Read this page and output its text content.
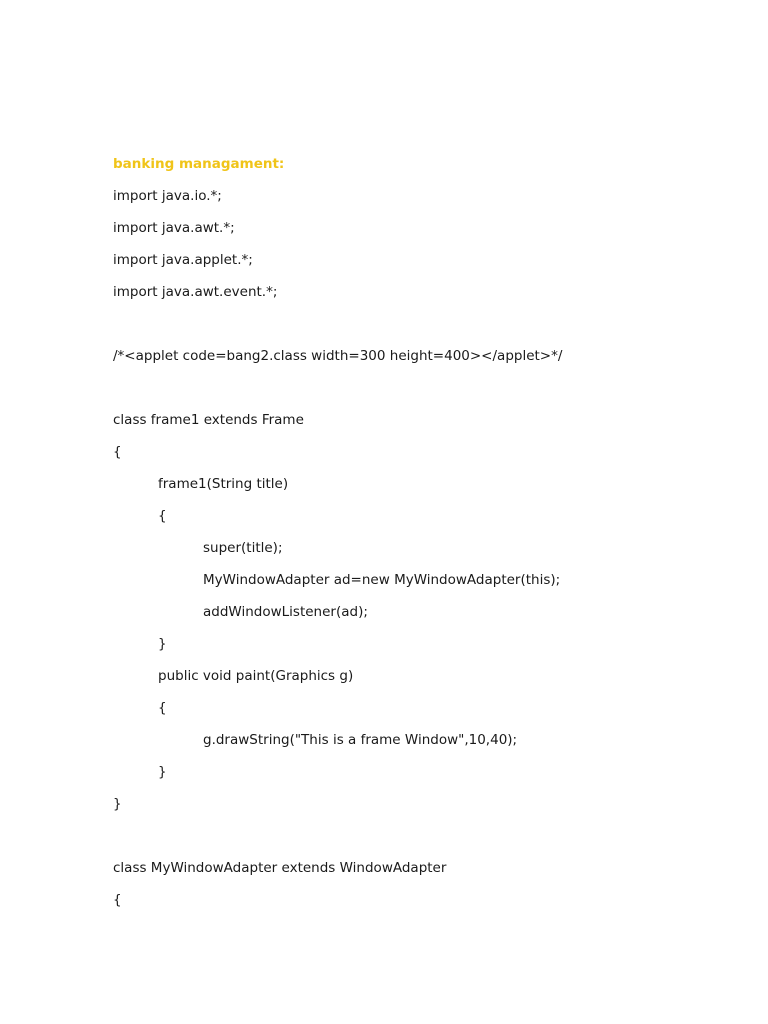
banking managament:
import java.io.*;
import java.awt.*;
import java.applet.*;
import java.awt.event.*;
/*<applet code=bang2.class width=300 height=400></applet>*/
class frame1 extends Frame
{
frame1(String title)
{
super(title);
MyWindowAdapter ad=new MyWindowAdapter(this);
addWindowListener(ad);
}
public void paint(Graphics g)
{
g.drawString("This is a frame Window",10,40);
}
}
class MyWindowAdapter extends WindowAdapter
{
